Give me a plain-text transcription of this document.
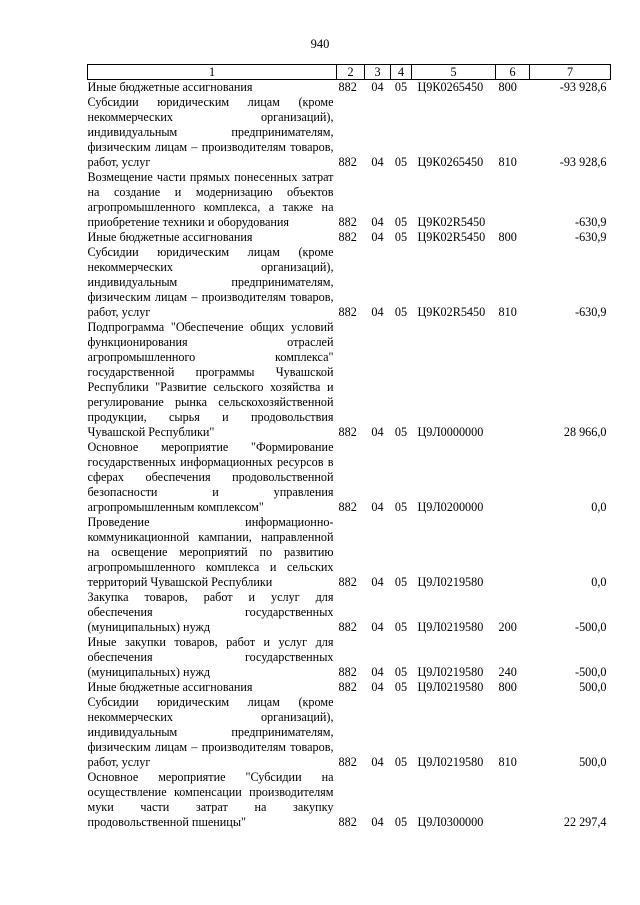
940
1	2	3	4	5	6	7
Иные бюджетные ассигнования	882	04	05	Ц9К0265450	800	-93 928,6
Субсидии юридическим лицам (кроме некоммерческих организаций), индивидуальным предпринимателям, физическим лицам – производителям товаров, работ, услуг	882	04	05	Ц9К0265450	810	-93 928,6
Возмещение части прямых понесенных затрат на создание и модернизацию объектов агропромышленного комплекса, а также на приобретение техники и оборудования	882	04	05	Ц9К02R5450		-630,9
Иные бюджетные ассигнования	882	04	05	Ц9К02R5450	800	-630,9
Субсидии юридическим лицам (кроме некоммерческих организаций), индивидуальным предпринимателям, физическим лицам – производителям товаров, работ, услуг	882	04	05	Ц9К02R5450	810	-630,9
Подпрограмма "Обеспечение общих условий функционирования отраслей агропромышленного комплекса" государственной программы Чувашской Республики "Развитие сельского хозяйства и регулирование рынка сельскохозяйственной продукции, сырья и продовольствия Чувашской Республики"	882	04	05	Ц9Л0000000		28 966,0
Основное мероприятие "Формирование государственных информационных ресурсов в сферах обеспечения продовольственной безопасности и управления агропромышленным комплексом"	882	04	05	Ц9Л0200000		0,0
Проведение информационно-коммуникационной кампании, направленной на освещение мероприятий по развитию агропромышленного комплекса и сельских территорий Чувашской Республики	882	04	05	Ц9Л0219580		0,0
Закупка товаров, работ и услуг для обеспечения государственных (муниципальных) нужд	882	04	05	Ц9Л0219580	200	-500,0
Иные закупки товаров, работ и услуг для обеспечения государственных (муниципальных) нужд	882	04	05	Ц9Л0219580	240	-500,0
Иные бюджетные ассигнования	882	04	05	Ц9Л0219580	800	500,0
Субсидии юридическим лицам (кроме некоммерческих организаций), индивидуальным предпринимателям, физическим лицам – производителям товаров, работ, услуг	882	04	05	Ц9Л0219580	810	500,0
Основное мероприятие "Субсидии на осуществление компенсации производителям муки части затрат на закупку продовольственной пшеницы"	882	04	05	Ц9Л0300000		22 297,4
